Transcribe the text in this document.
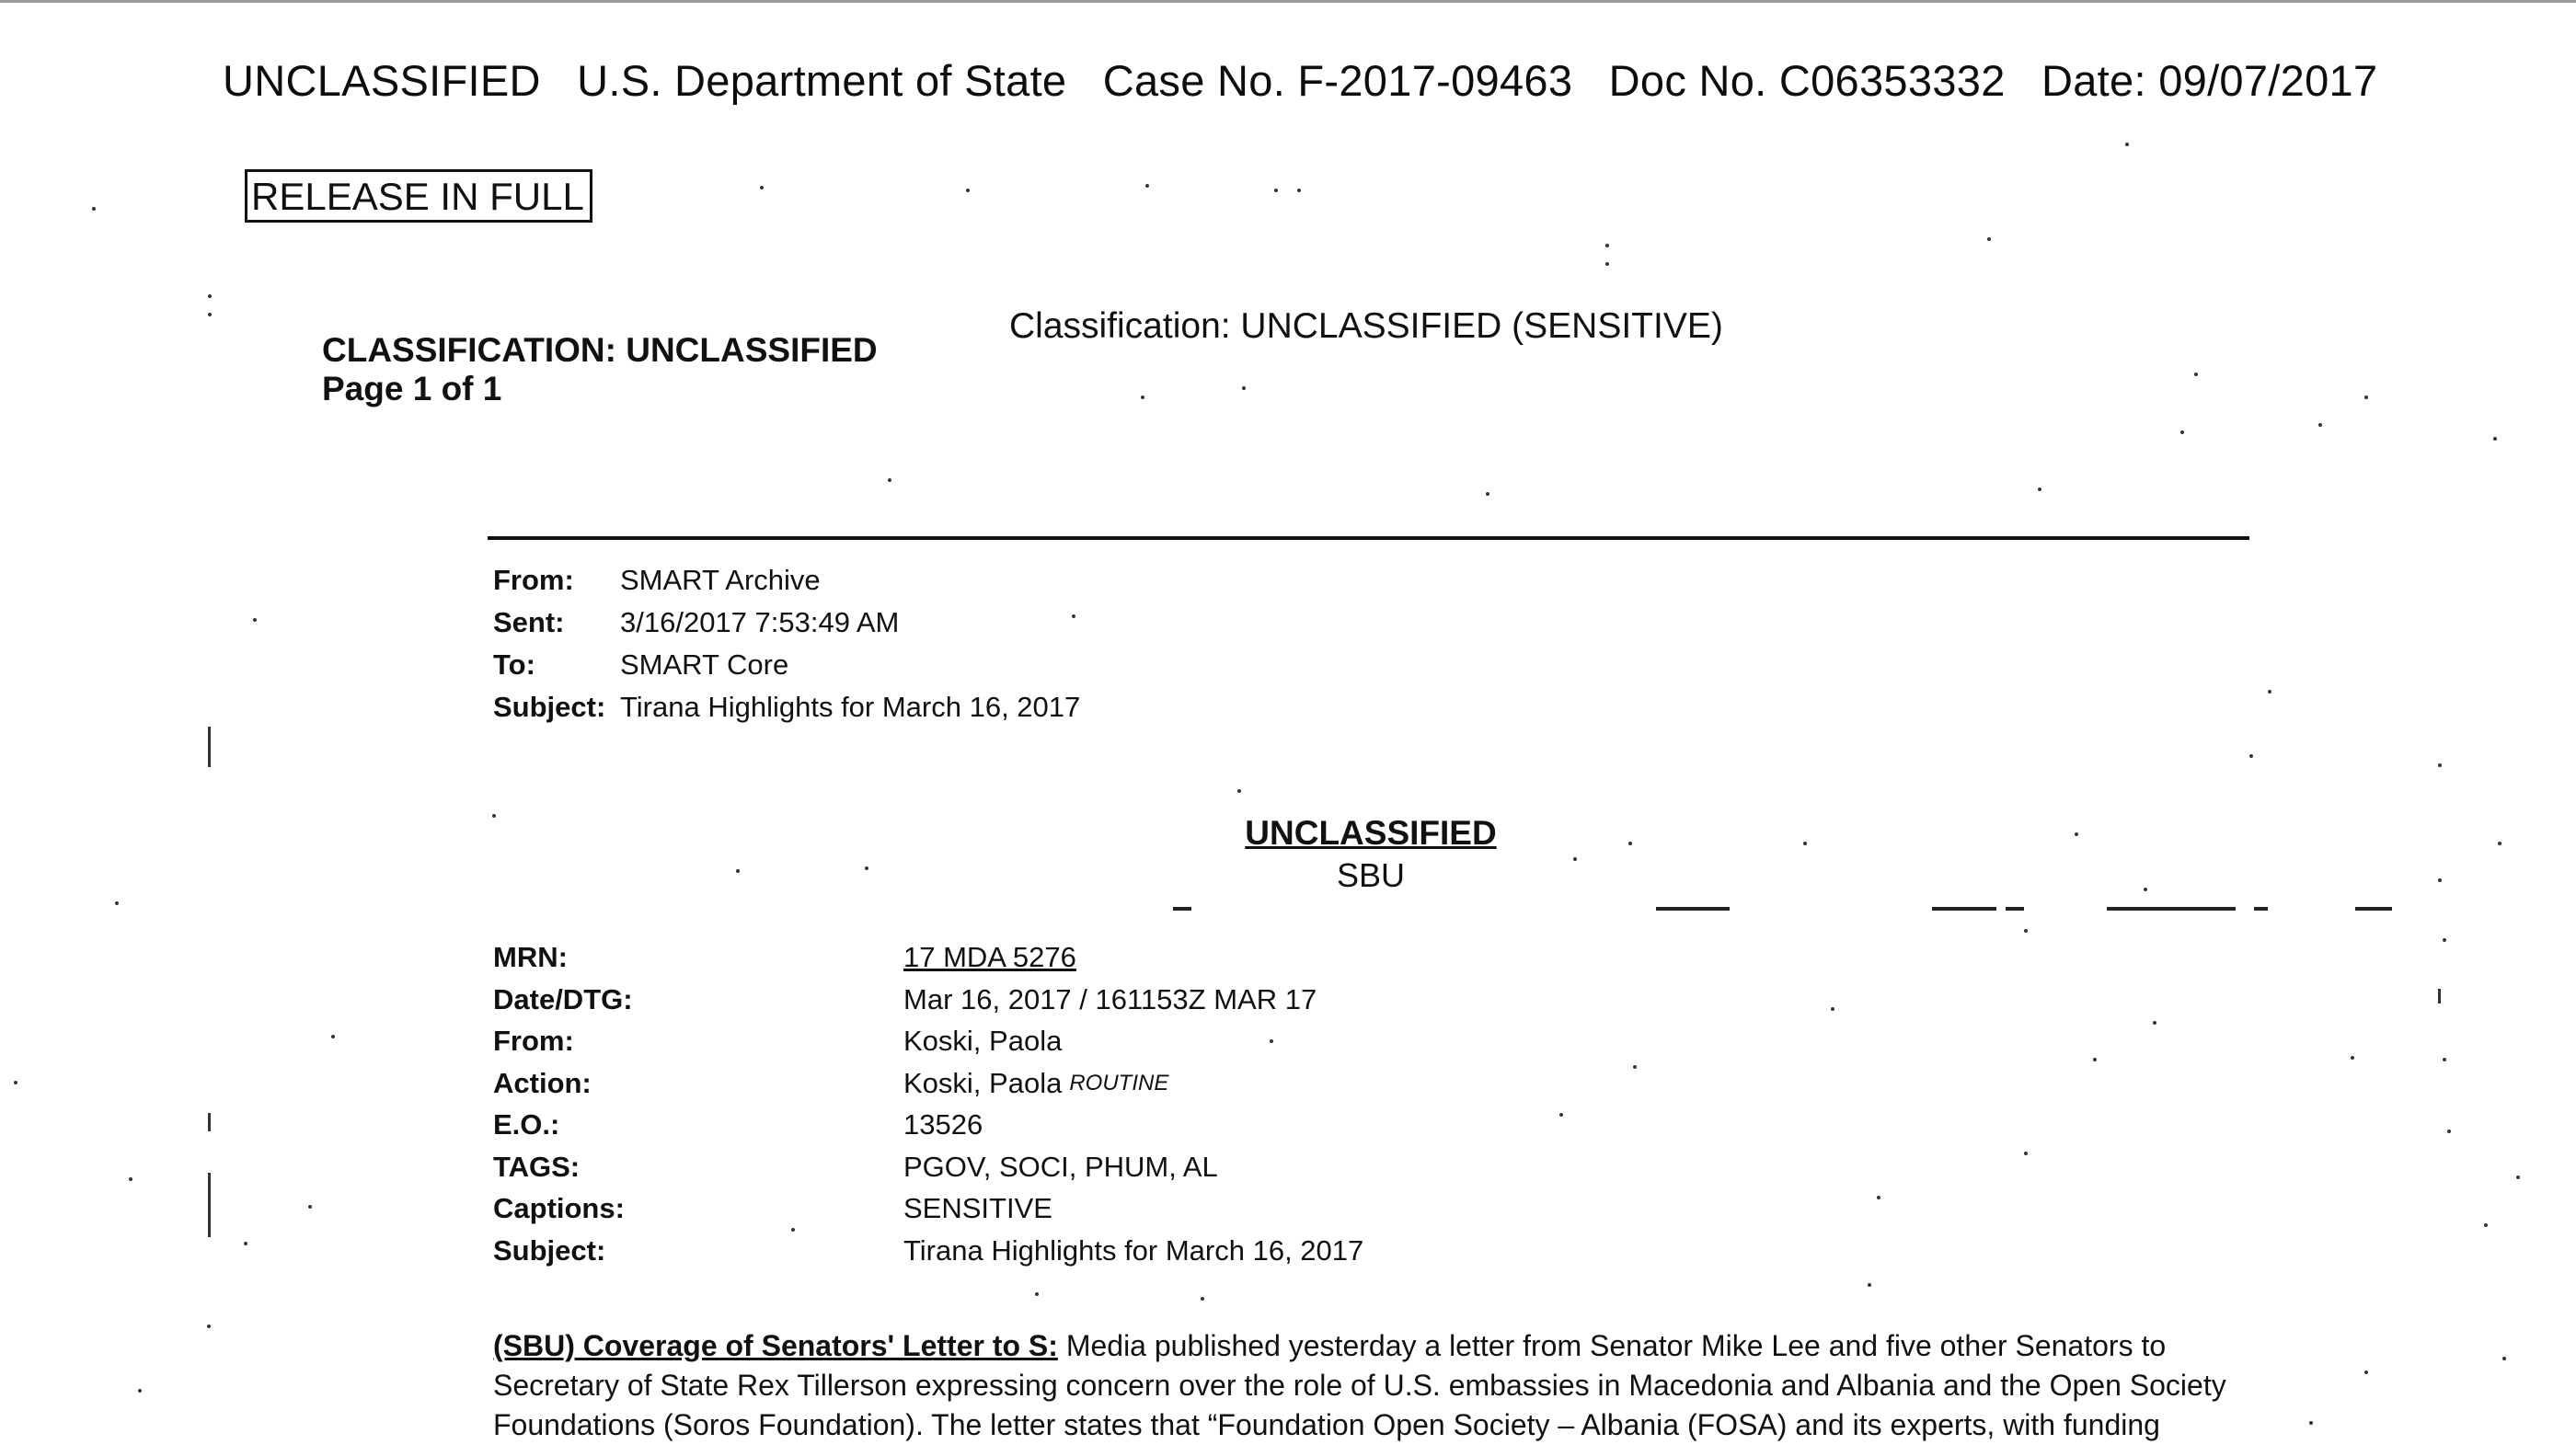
UNCLASSIFIED U.S. Department of State Case No. F-2017-09463 Doc No. C06353332 Date: 09/07/2017
RELEASE IN FULL
CLASSIFICATION: UNCLASSIFIED
Page 1 of 1
Classification: UNCLASSIFIED (SENSITIVE)
From:	SMART Archive
Sent:	3/16/2017 7:53:49 AM
To:	SMART Core
Subject: Tirana Highlights for March 16, 2017
UNCLASSIFIED
SBU
MRN:	17 MDA 5276
Date/DTG:	Mar 16, 2017 / 161153Z MAR 17
From:	Koski, Paola
Action:	Koski, Paola ROUTINE
E.O.:	13526
TAGS:	PGOV, SOCI, PHUM, AL
Captions:	SENSITIVE
Subject:	Tirana Highlights for March 16, 2017
(SBU) Coverage of Senators' Letter to S: Media published yesterday a letter from Senator Mike Lee and five other Senators to
Secretary of State Rex Tillerson expressing concern over the role of U.S. embassies in Macedonia and Albania and the Open Society
Foundations (Soros Foundation). The letter states that “Foundation Open Society – Albania (FOSA) and its experts, with funding
